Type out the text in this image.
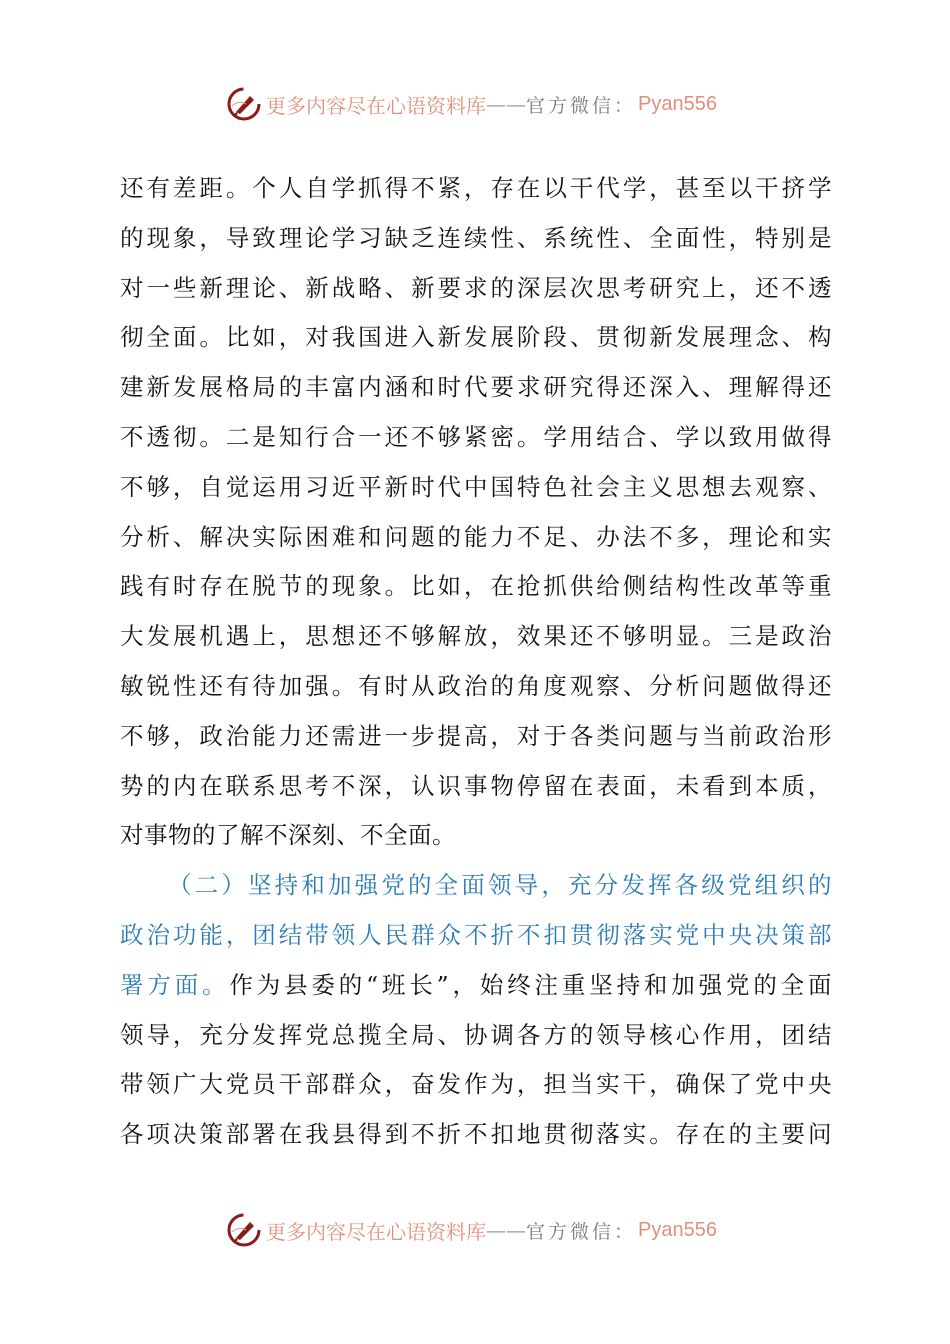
更多内容尽在心语资料库 — — 官方微信： Pyan556
还有差距。个人自学抓得不紧，存在以干代学，甚至以干挤学
的现象，导致理论学习缺乏连续性、系统性、全面性，特别是
对一些新理论、新战略、新要求的深层次思考研究上，还不透
彻全面。比如，对我国进入新发展阶段、贯彻新发展理念、构
建新发展格局的丰富内涵和时代要求研究得还深入、理解得还
不透彻。二是知行合一还不够紧密。学用结合、学以致用做得
不够，自觉运用习近平新时代中国特色社会主义思想去观察、
分析、解决实际困难和问题的能力不足、办法不多，理论和实
践有时存在脱节的现象。比如，在抢抓供给侧结构性改革等重
大发展机遇上，思想还不够解放，效果还不够明显。三是政治
敏锐性还有待加强。有时从政治的角度观察、分析问题做得还
不够，政治能力还需进一步提高，对于各类问题与当前政治形
势的内在联系思考不深，认识事物停留在表面，未看到本质，
对事物的了解不深刻、不全面。
（二）坚持和加强党的全面领导，充分发挥各级党组织的
政治功能，团结带领人民群众不折不扣贯彻落实党中央决策部
署方面。作为县委的“班长”，始终注重坚持和加强党的全面
领导，充分发挥党总揽全局、协调各方的领导核心作用，团结
带领广大党员干部群众，奋发作为，担当实干，确保了党中央
各项决策部署在我县得到不折不扣地贯彻落实。存在的主要问
更多内容尽在心语资料库 — — 官方微信： Pyan556
